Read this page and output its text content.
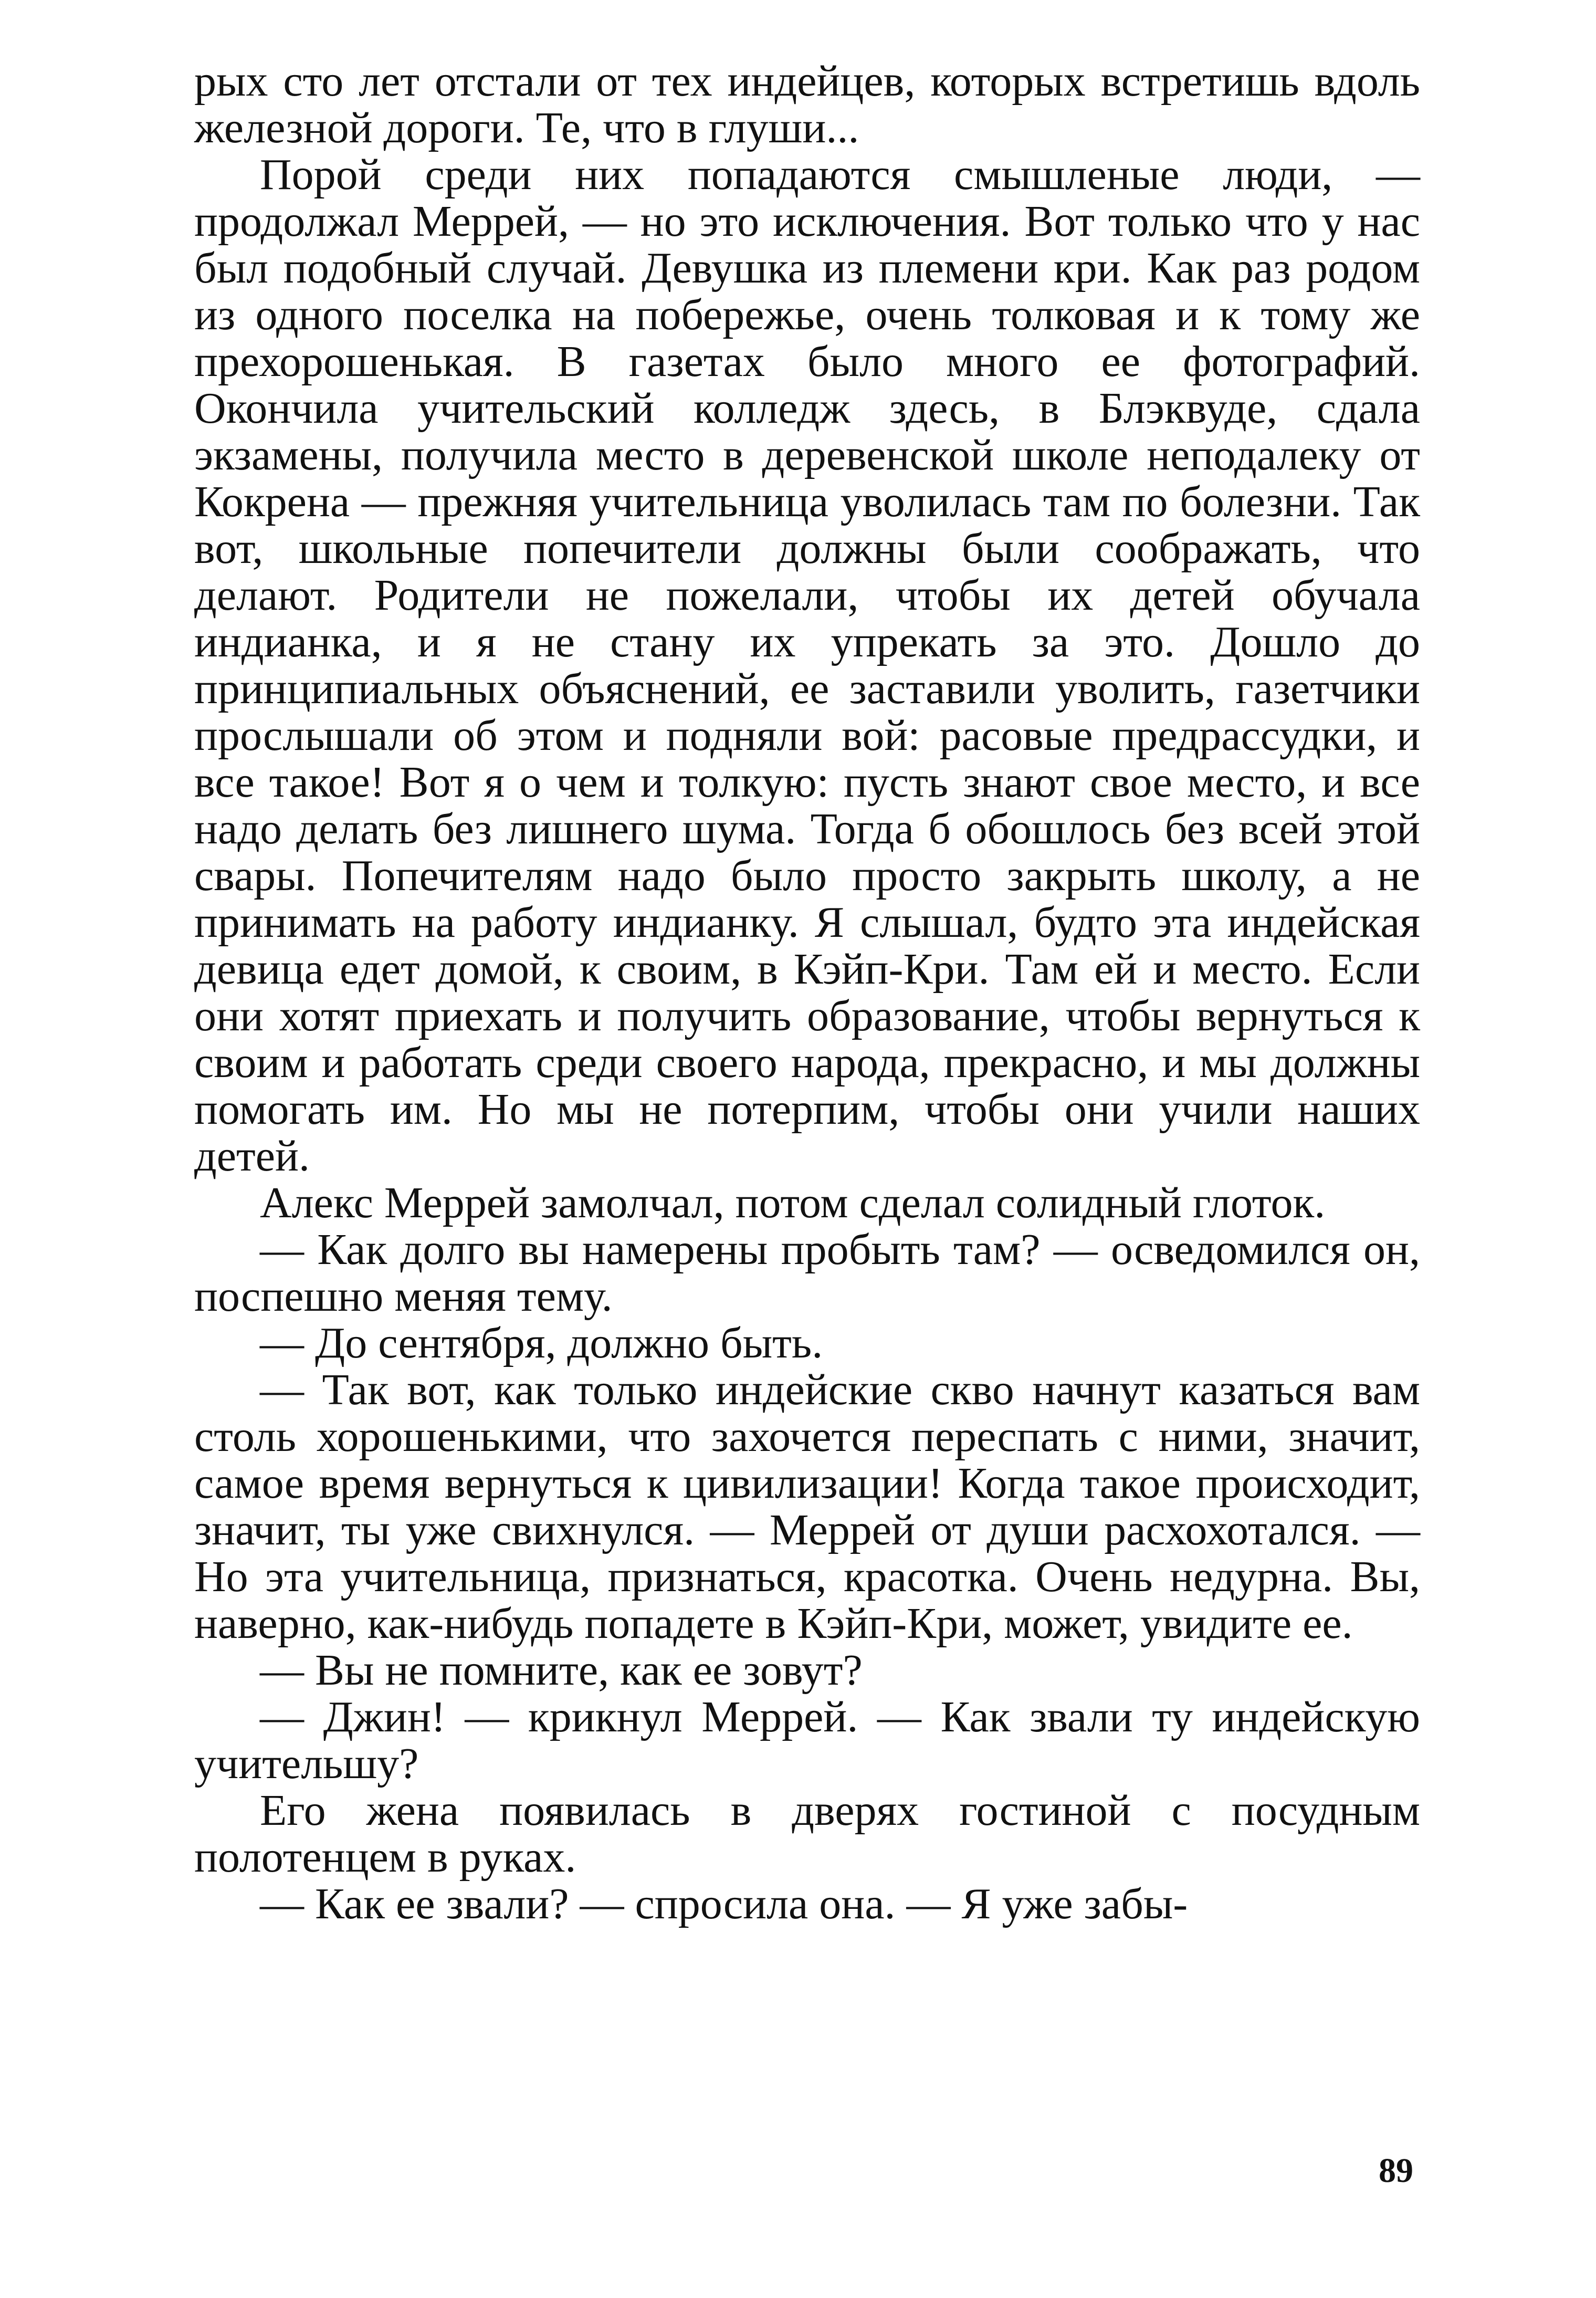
рых сто лет отстали от тех индейцев, которых встретишь вдоль железной дороги. Те, что в глуши...

Порой среди них попадаются смышленые люди, — продолжал Меррей, — но это исключения. Вот только что у нас был подобный случай. Девушка из племени кри. Как раз родом из одного поселка на побережье, очень толковая и к тому же прехорошенькая. В газетах было много ее фотографий. Окончила учительский колледж здесь, в Блэквуде, сдала экзамены, получила место в деревенской школе неподалеку от Кокрена — прежняя учительница уволилась там по болезни. Так вот, школьные попечители должны были соображать, что делают. Родители не пожелали, чтобы их детей обучала индианка, и я не стану их упрекать за это. Дошло до принципиальных объяснений, ее заставили уволить, газетчики прослышали об этом и подняли вой: расовые предрассудки, и все такое! Вот я о чем и толкую: пусть знают свое место, и все надо делать без лишнего шума. Тогда б обошлось без всей этой свары. Попечителям надо было просто закрыть школу, а не принимать на работу индианку. Я слышал, будто эта индейская девица едет домой, к своим, в Кэйп-Кри. Там ей и место. Если они хотят приехать и получить образование, чтобы вернуться к своим и работать среди своего народа, прекрасно, и мы должны помогать им. Но мы не потерпим, чтобы они учили наших детей.

Алекс Меррей замолчал, потом сделал солидный глоток.

— Как долго вы намерены пробыть там? — осведомился он, поспешно меняя тему.

— До сентября, должно быть.

— Так вот, как только индейские скво начнут казаться вам столь хорошенькими, что захочется переспать с ними, значит, самое время вернуться к цивилизации! Когда такое происходит, значит, ты уже свихнулся. — Меррей от души расхохотался. — Но эта учительница, признаться, красотка. Очень недурна. Вы, наверно, как-нибудь попадете в Кэйп-Кри, может, увидите ее.

— Вы не помните, как ее зовут?

— Джин! — крикнул Меррей. — Как звали ту индейскую учительшу?

Его жена появилась в дверях гостиной с посудным полотенцем в руках.

— Как ее звали? — спросила она. — Я уже забы-

89
